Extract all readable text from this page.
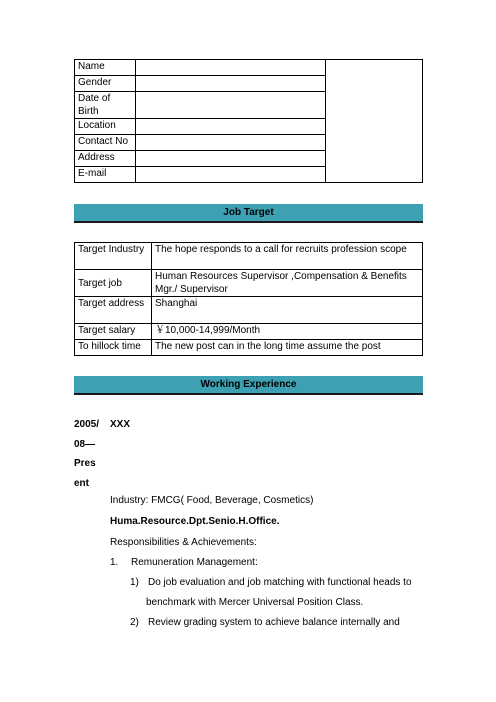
Name		
Gender		
Date of Birth		
Location		
Contact No		
Address		
E-mail		
Job Target
Target Industry	The hope responds to a call for recruits profession scope
Target job	Human Resources Supervisor ,Compensation & Benefits Mgr./ Supervisor
Target address	Shanghai
Target salary	￥10,000-14,999/Month
To hillock time	The new post can in the long time assume the post
Working Experience
2005/ XXX
08—
Pres
ent
Industry: FMCG( Food, Beverage, Cosmetics)
Huma.Resource.Dpt.Senio.H.Office.
Responsibilities & Achievements:
1. Remuneration Management:
1) Do job evaluation and job matching with functional heads to
benchmark with Mercer Universal Position Class.
2) Review grading system to achieve balance internally and
